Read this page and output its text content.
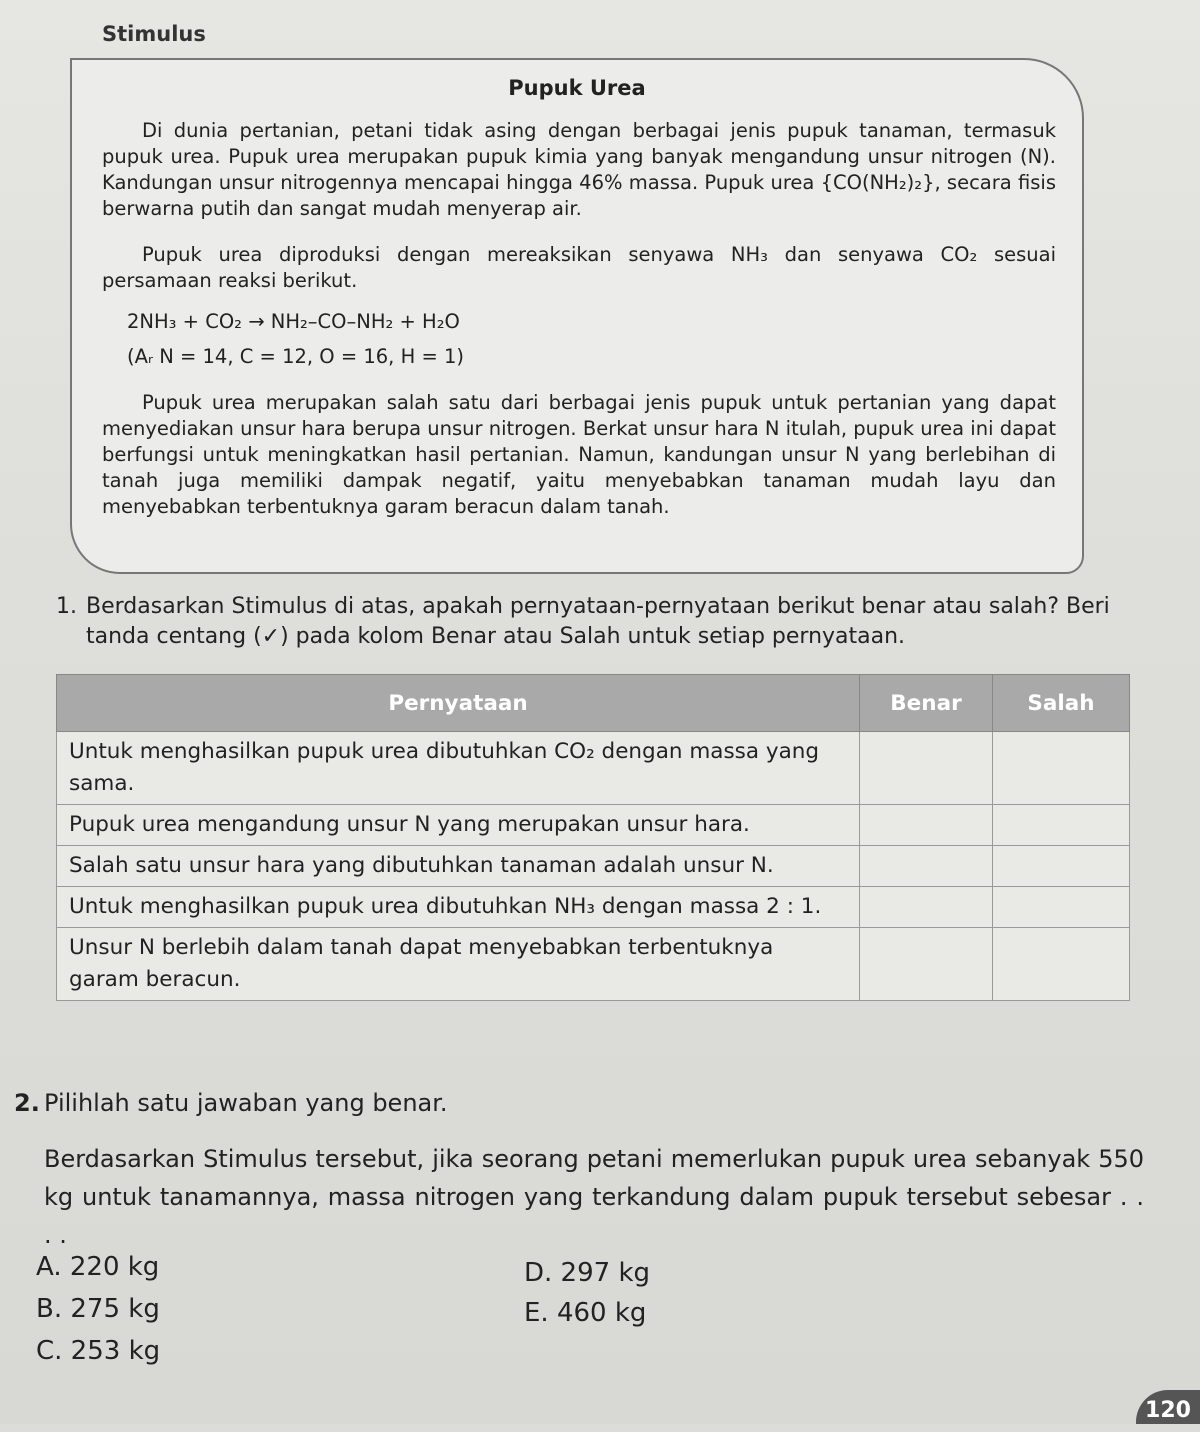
Stimulus
Pupuk Urea
Di dunia pertanian, petani tidak asing dengan berbagai jenis pupuk tanaman, termasuk pupuk urea. Pupuk urea merupakan pupuk kimia yang banyak mengandung unsur nitrogen (N). Kandungan unsur nitrogennya mencapai hingga 46% massa. Pupuk urea {CO(NH₂)₂}, secara fisis berwarna putih dan sangat mudah menyerap air.
Pupuk urea diproduksi dengan mereaksikan senyawa NH₃ dan senyawa CO₂ sesuai persamaan reaksi berikut.
2NH₃ + CO₂ → NH₂–CO–NH₂ + H₂O
(Aᵣ N = 14, C = 12, O = 16, H = 1)
Pupuk urea merupakan salah satu dari berbagai jenis pupuk untuk pertanian yang dapat menyediakan unsur hara berupa unsur nitrogen. Berkat unsur hara N itulah, pupuk urea ini dapat berfungsi untuk meningkatkan hasil pertanian. Namun, kandungan unsur N yang berlebihan di tanah juga memiliki dampak negatif, yaitu menyebabkan tanaman mudah layu dan menyebabkan terbentuknya garam beracun dalam tanah.
1. Berdasarkan Stimulus di atas, apakah pernyataan-pernyataan berikut benar atau salah? Beri tanda centang (✓) pada kolom Benar atau Salah untuk setiap pernyataan.
Pernyataan	Benar	Salah
Untuk menghasilkan pupuk urea dibutuhkan CO₂ dengan massa yang sama.		
Pupuk urea mengandung unsur N yang merupakan unsur hara.		
Salah satu unsur hara yang dibutuhkan tanaman adalah unsur N.		
Untuk menghasilkan pupuk urea dibutuhkan NH₃ dengan massa 2 : 1.		
Unsur N berlebih dalam tanah dapat menyebabkan terbentuknya garam beracun.		
2. Pilihlah satu jawaban yang benar.
Berdasarkan Stimulus tersebut, jika seorang petani memerlukan pupuk urea sebanyak 550 kg untuk tanamannya, massa nitrogen yang terkandung dalam pupuk tersebut sebesar . . . .
A. 220 kg
B. 275 kg
C. 253 kg
D. 297 kg
E. 460 kg
120
